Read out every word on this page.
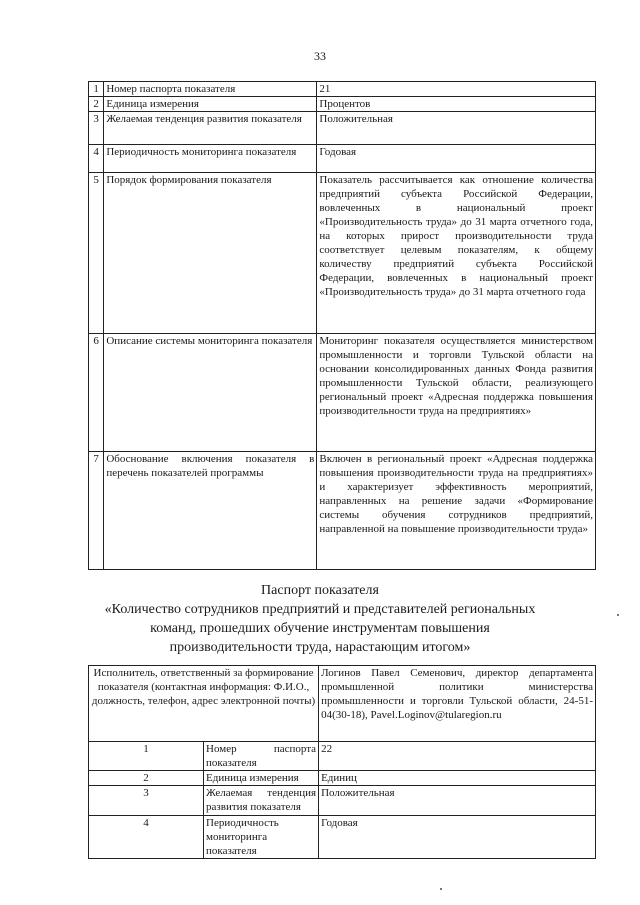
33
1	Номер паспорта показателя	21
2	Единица измерения	Процентов
3	Желаемая тенденция развития показателя	Положительная
4	Периодичность мониторинга показателя	Годовая
5	Порядок формирования показателя	Показатель рассчитывается как отношение количества предприятий субъекта Российской Федерации, вовлеченных в национальный проект «Производительность труда» до 31 марта отчетного года, на которых прирост производительности труда соответствует целевым показателям, к общему количеству предприятий субъекта Российской Федерации, вовлеченных в национальный проект «Производительность труда» до 31 марта отчетного года
6	Описание системы мониторинга показателя	Мониторинг показателя осуществляется министерством промышленности и торговли Тульской области на основании консолидированных данных Фонда развития промышленности Тульской области, реализующего региональный проект «Адресная поддержка повышения производительности труда на предприятиях»
7	Обоснование включения показателя в перечень показателей программы	Включен в региональный проект «Адресная поддержка повышения производительности труда на предприятиях» и характеризует эффективность мероприятий, направленных на решение задачи «Формирование системы обучения сотрудников предприятий, направленной на повышение производительности труда»
Паспорт показателя
«Количество сотрудников предприятий и представителей региональных
команд, прошедших обучение инструментам повышения
производительности труда, нарастающим итогом»
Исполнитель, ответственный за формирование показателя (контактная информация: Ф.И.О., должность, телефон, адрес электронной почты)		Логинов Павел Семенович, директор департамента промышленной политики министерства промышленности и торговли Тульской области, 24-51-04(30-18), Pavel.Loginov@tularegion.ru
1	Номер паспорта показателя	22
2	Единица измерения	Единиц
3	Желаемая тенденция развития показателя	Положительная
4	Периодичность мониторинга показателя	Годовая
